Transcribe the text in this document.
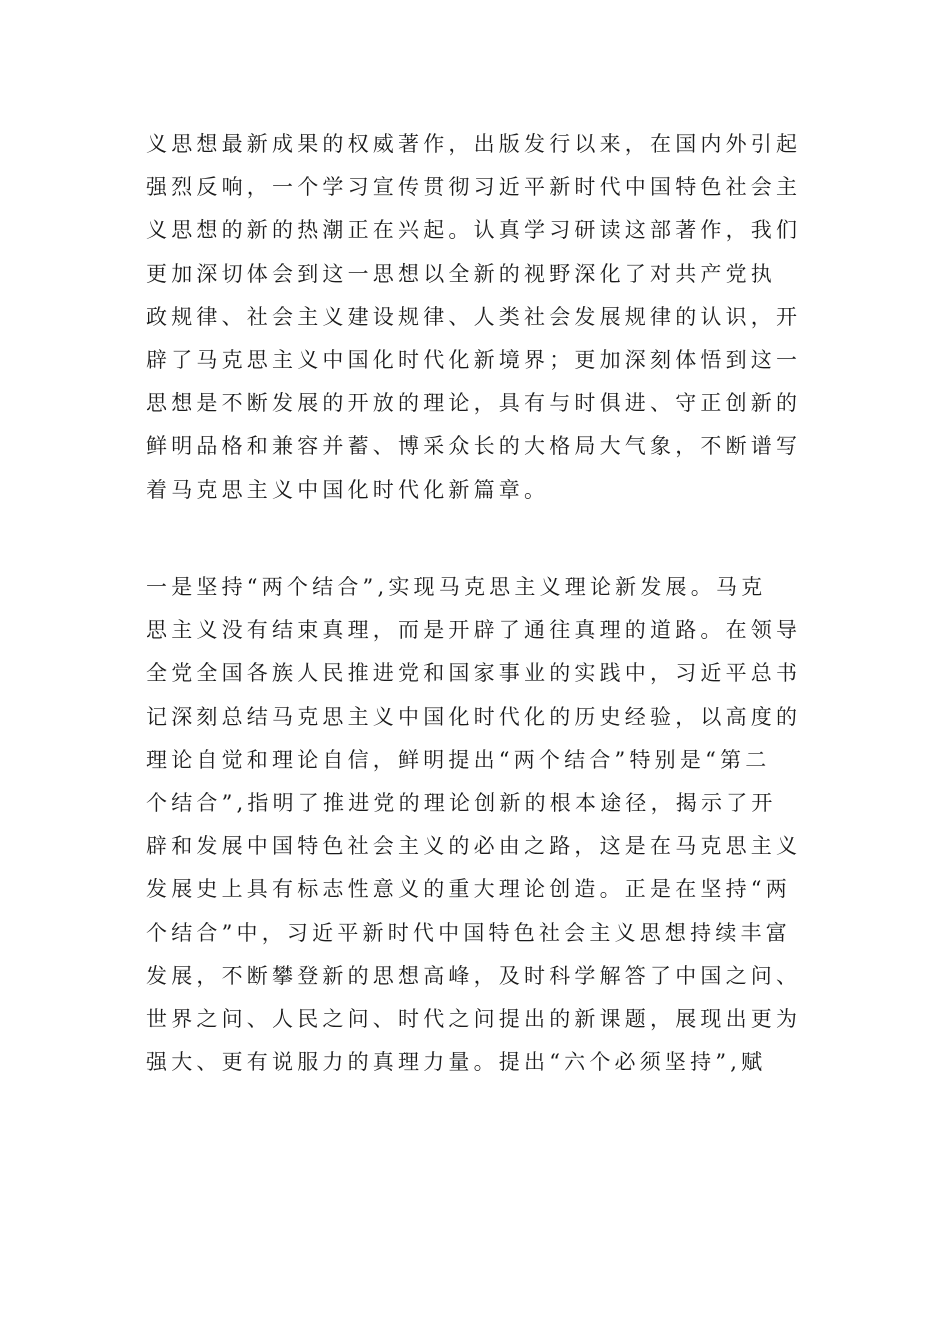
义思想最新成果的权威著作，出版发行以来，在国内外引起
强烈反响，一个学习宣传贯彻习近平新时代中国特色社会主
义思想的新的热潮正在兴起。认真学习研读这部著作，我们
更加深切体会到这一思想以全新的视野深化了对共产党执
政规律、社会主义建设规律、人类社会发展规律的认识，开
辟了马克思主义中国化时代化新境界；更加深刻体悟到这一
思想是不断发展的开放的理论，具有与时俱进、守正创新的
鲜明品格和兼容并蓄、博采众长的大格局大气象，不断谱写
着马克思主义中国化时代化新篇章。
一是坚持“两个结合”,实现马克思主义理论新发展。马克
思主义没有结束真理，而是开辟了通往真理的道路。在领导
全党全国各族人民推进党和国家事业的实践中，习近平总书
记深刻总结马克思主义中国化时代化的历史经验，以高度的
理论自觉和理论自信，鲜明提出“两个结合”特别是“第二
个结合”,指明了推进党的理论创新的根本途径，揭示了开
辟和发展中国特色社会主义的必由之路，这是在马克思主义
发展史上具有标志性意义的重大理论创造。正是在坚持“两
个结合”中，习近平新时代中国特色社会主义思想持续丰富
发展，不断攀登新的思想高峰，及时科学解答了中国之问、
世界之问、人民之问、时代之问提出的新课题，展现出更为
强大、更有说服力的真理力量。提出“六个必须坚持”,赋
